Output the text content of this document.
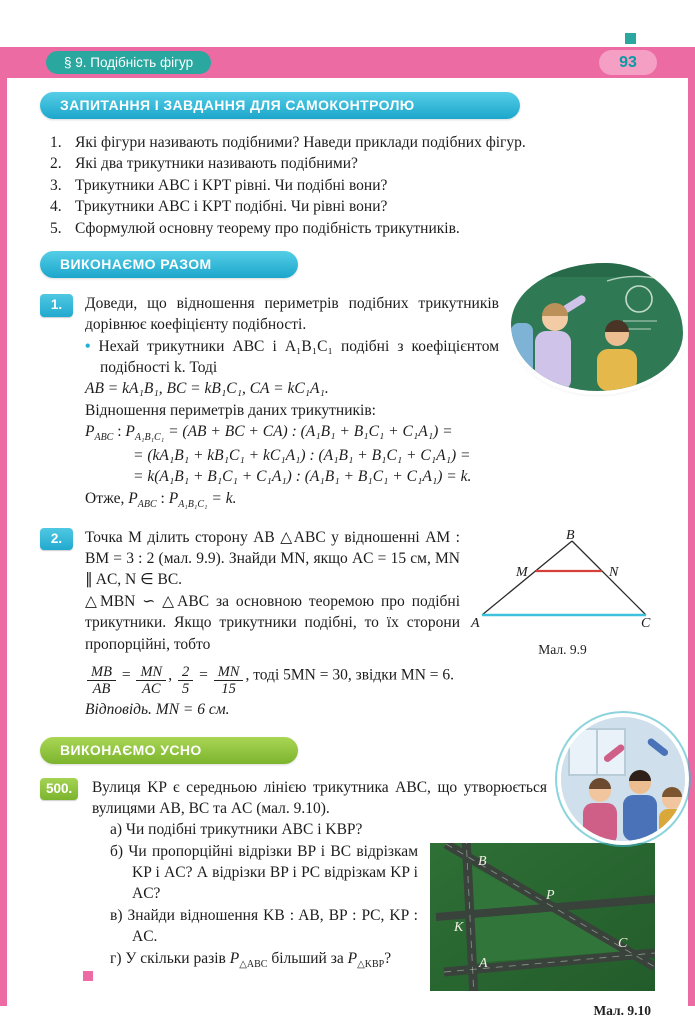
§ 9. Подібність фігур	93
ЗАПИТАННЯ І ЗАВДАННЯ ДЛЯ САМОКОНТРОЛЮ
1. Які фігури називають подібними? Наведи приклади подібних фігур.
2. Які два трикутники називають подібними?
3. Трикутники ABC і KPT рівні. Чи подібні вони?
4. Трикутники ABC і KPT подібні. Чи рівні вони?
5. Сформулюй основну теорему про подібність трикутників.
ВИКОНАЄМО РАЗОМ
1.	Доведи, що відношення периметрів подібних трикутників дорівнює коефіцієнту подібності.

• Нехай трикутники ABC і A₁B₁C₁ подібні з коефіцієнтом подібності k. Тоді

AB = kA₁B₁, BC = kB₁C₁, CA = kC₁A₁.

Відношення периметрів даних трикутників:

$P_{ABC}$ : $P_{A_1B_1C_1} = (AB$ + BC + CA) : (A₁B₁ + B₁C₁ + C₁A₁) =

= (kA₁B₁ + kB₁C₁ + kC₁A₁) : (A₁B₁ + B₁C₁ + C₁A₁) =

= k(A₁B₁ + B₁C₁ + C₁A₁) : (A₁B₁ + B₁C₁ + C₁A₁) = k.

Отже, $P_{ABC}$ : $P_{A_1B_1C_1} = k$.

2.	B
M	N
A	C
Мал. 9.9

Точка M ділить сторону AB △ABC у відношенні AM : BM = 3 : 2 (мал. 9.9). Знайди MN, якщо AC = 15 см, MN ∥ AC, N ∈ BC.

△MBN ∽ △ABC за основною теоремою про подібні трикутники. Якщо трикутники подібні, то їх сторони пропорційні, тобто

$\frac{MB}{AB} = \frac{MN}{AC}$ , $\frac{2}{5} = \frac{MN}{15}$ , тоді 5MN = 30, звідки MN = 6.

Відповідь. MN = 6 см.

ВИКОНАЄМО УСНО
500.	Вулиця KP є середньою лінією трикутника ABC, що утворюється вулицями AB, BC та AC (мал. 9.10).

а) Чи подібні трикутники ABC і KBP?

B
P
K
A
C
Мал. 9.10

б) Чи пропорційні відрізки BP і BC відрізкам KP і AC? А відрізки BP і PC відрізкам KP і AC?

в) Знайди відношення KB : AB, BP : PC, KP : AC.

г) У скільки разів $P_{\triangle ABC}$ більший за $P_{\triangle KBP}$?
